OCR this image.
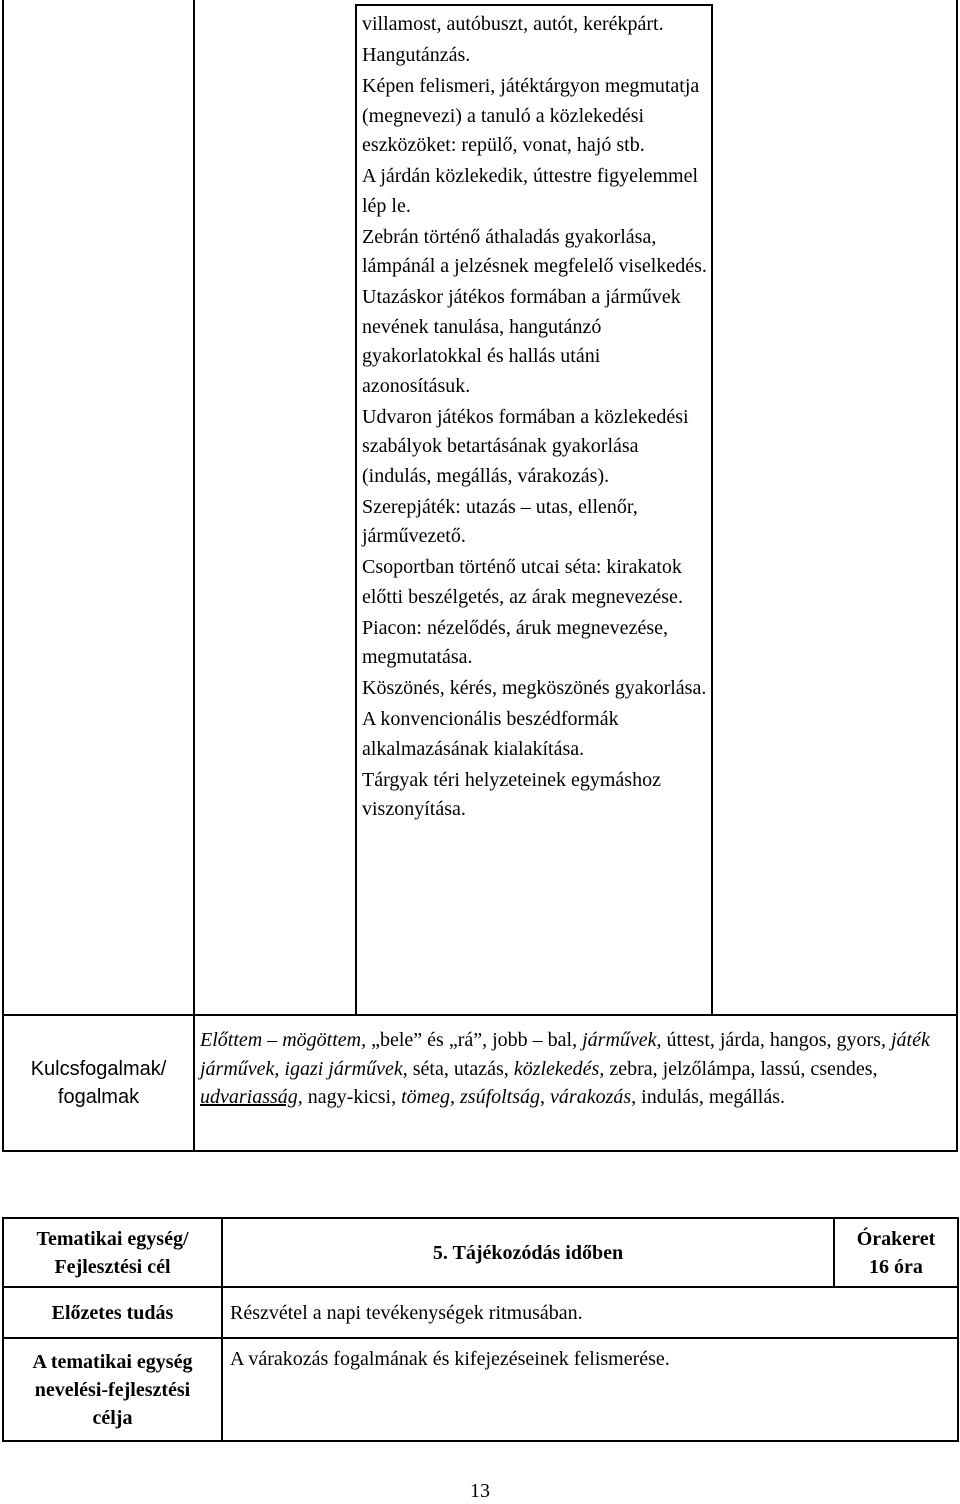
villamost, autóbuszt, autót, kerékpárt.

Hangutánzás.

Képen felismeri, játéktárgyon megmutatja (megnevezi) a tanuló a közlekedési eszközöket: repülő, vonat, hajó stb.

A járdán közlekedik, úttestre figyelemmel lép le.

Zebrán történő áthaladás gyakorlása, lámpánál a jelzésnek megfelelő viselkedés.

Utazáskor játékos formában a járművek nevének tanulása, hangutánzó gyakorlatokkal és hallás utáni azonosításuk.

Udvaron játékos formában a közlekedési szabályok betartásának gyakorlása (indulás, megállás, várakozás).

Szerepjáték: utazás – utas, ellenőr, járművezető.

Csoportban történő utcai séta: kirakatok előtti beszélgetés, az árak megnevezése.

Piacon: nézelődés, áruk megnevezése, megmutatása.

Köszönés, kérés, megköszönés gyakorlása.

A konvencionális beszédformák alkalmazásának kialakítása.

Tárgyak téri helyzeteinek egymáshoz viszonyítása.

Kulcsfogalmak/
fogalmak
Előttem – mögöttem, „bele” és „rá”, jobb – bal, járművek, úttest, járda, hangos, gyors, játék járművek, igazi járművek, séta, utazás, közlekedés, zebra, jelzőlámpa, lassú, csendes, udvariasság, nagy-kicsi, tömeg, zsúfoltság, várakozás, indulás, megállás.
Tematikai egység/
Fejlesztési cél
5. Tájékozódás időben
Órakeret
16 óra
Előzetes tudás	Részvétel a napi tevékenységek ritmusában.
A tematikai egység
nevelési-fejlesztési
célja
A várakozás fogalmának és kifejezéseinek felismerése.
13
